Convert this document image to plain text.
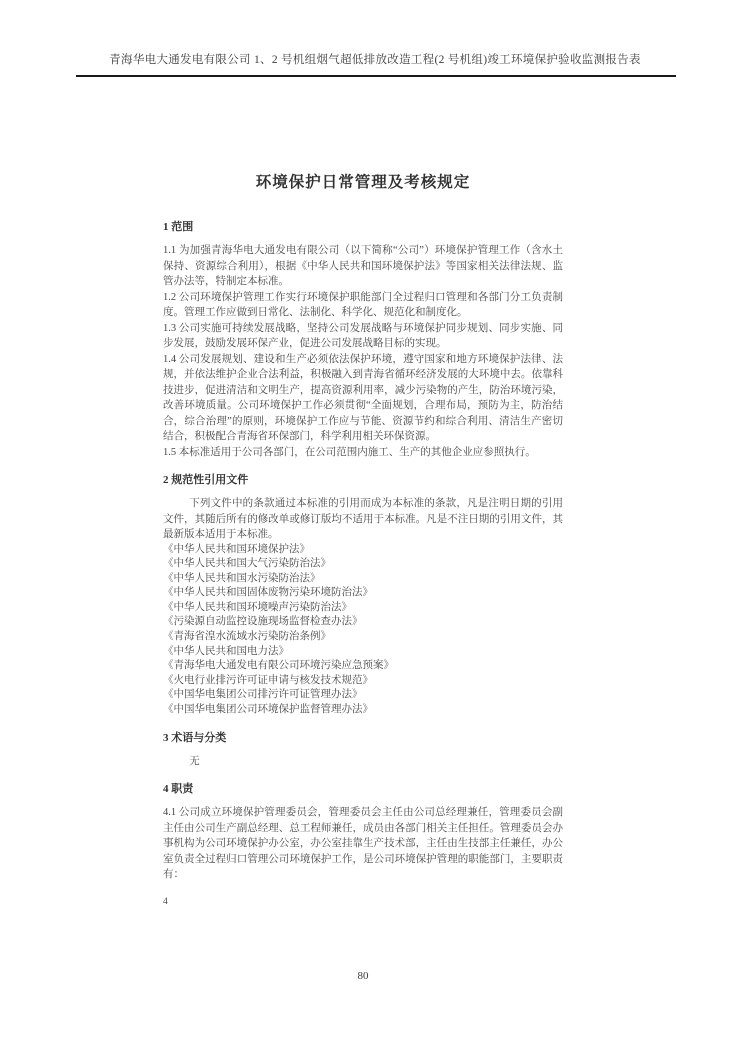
青海华电大通发电有限公司 1、2 号机组烟气超低排放改造工程(2 号机组)竣工环境保护验收监测报告表
环境保护日常管理及考核规定
1 范围

1.1 为加强青海华电大通发电有限公司（以下简称“公司”）环境保护管理工作（含水土保持、资源综合利用），根据《中华人民共和国环境保护法》等国家相关法律法规、监管办法等，特制定本标准。

1.2 公司环境保护管理工作实行环境保护职能部门全过程归口管理和各部门分工负责制度。管理工作应做到日常化、法制化、科学化、规范化和制度化。

1.3 公司实施可持续发展战略，坚持公司发展战略与环境保护同步规划、同步实施、同步发展，鼓励发展环保产业，促进公司发展战略目标的实现。

1.4 公司发展规划、建设和生产必须依法保护环境，遵守国家和地方环境保护法律、法规，并依法维护企业合法利益，积极融入到青海省循环经济发展的大环境中去。依靠科技进步，促进清洁和文明生产，提高资源利用率，减少污染物的产生，防治环境污染，改善环境质量。公司环境保护工作必须贯彻“全面规划，合理布局，预防为主，防治结合，综合治理”的原则，环境保护工作应与节能、资源节约和综合利用、清洁生产密切结合，积极配合青海省环保部门，科学利用相关环保资源。

1.5 本标准适用于公司各部门，在公司范围内施工、生产的其他企业应参照执行。

2 规范性引用文件

下列文件中的条款通过本标准的引用而成为本标准的条款，凡是注明日期的引用文件，其随后所有的修改单或修订版均不适用于本标准。凡是不注日期的引用文件，其最新版本适用于本标准。

《中华人民共和国环境保护法》
《中华人民共和国大气污染防治法》
《中华人民共和国水污染防治法》
《中华人民共和国固体废物污染环境防治法》
《中华人民共和国环境噪声污染防治法》
《污染源自动监控设施现场监督检查办法》
《青海省湟水流域水污染防治条例》
《中华人民共和国电力法》
《青海华电大通发电有限公司环境污染应急预案》
《火电行业排污许可证申请与核发技术规范》
《中国华电集团公司排污许可证管理办法》
《中国华电集团公司环境保护监督管理办法》
3 术语与分类

无

4 职责

4.1 公司成立环境保护管理委员会，管理委员会主任由公司总经理兼任，管理委员会副主任由公司生产副总经理、总工程师兼任，成员由各部门相关主任担任。管理委员会办事机构为公司环境保护办公室，办公室挂靠生产技术部，主任由生技部主任兼任，办公室负责全过程归口管理公司环境保护工作，是公司环境保护管理的职能部门，主要职责有：

4
80
